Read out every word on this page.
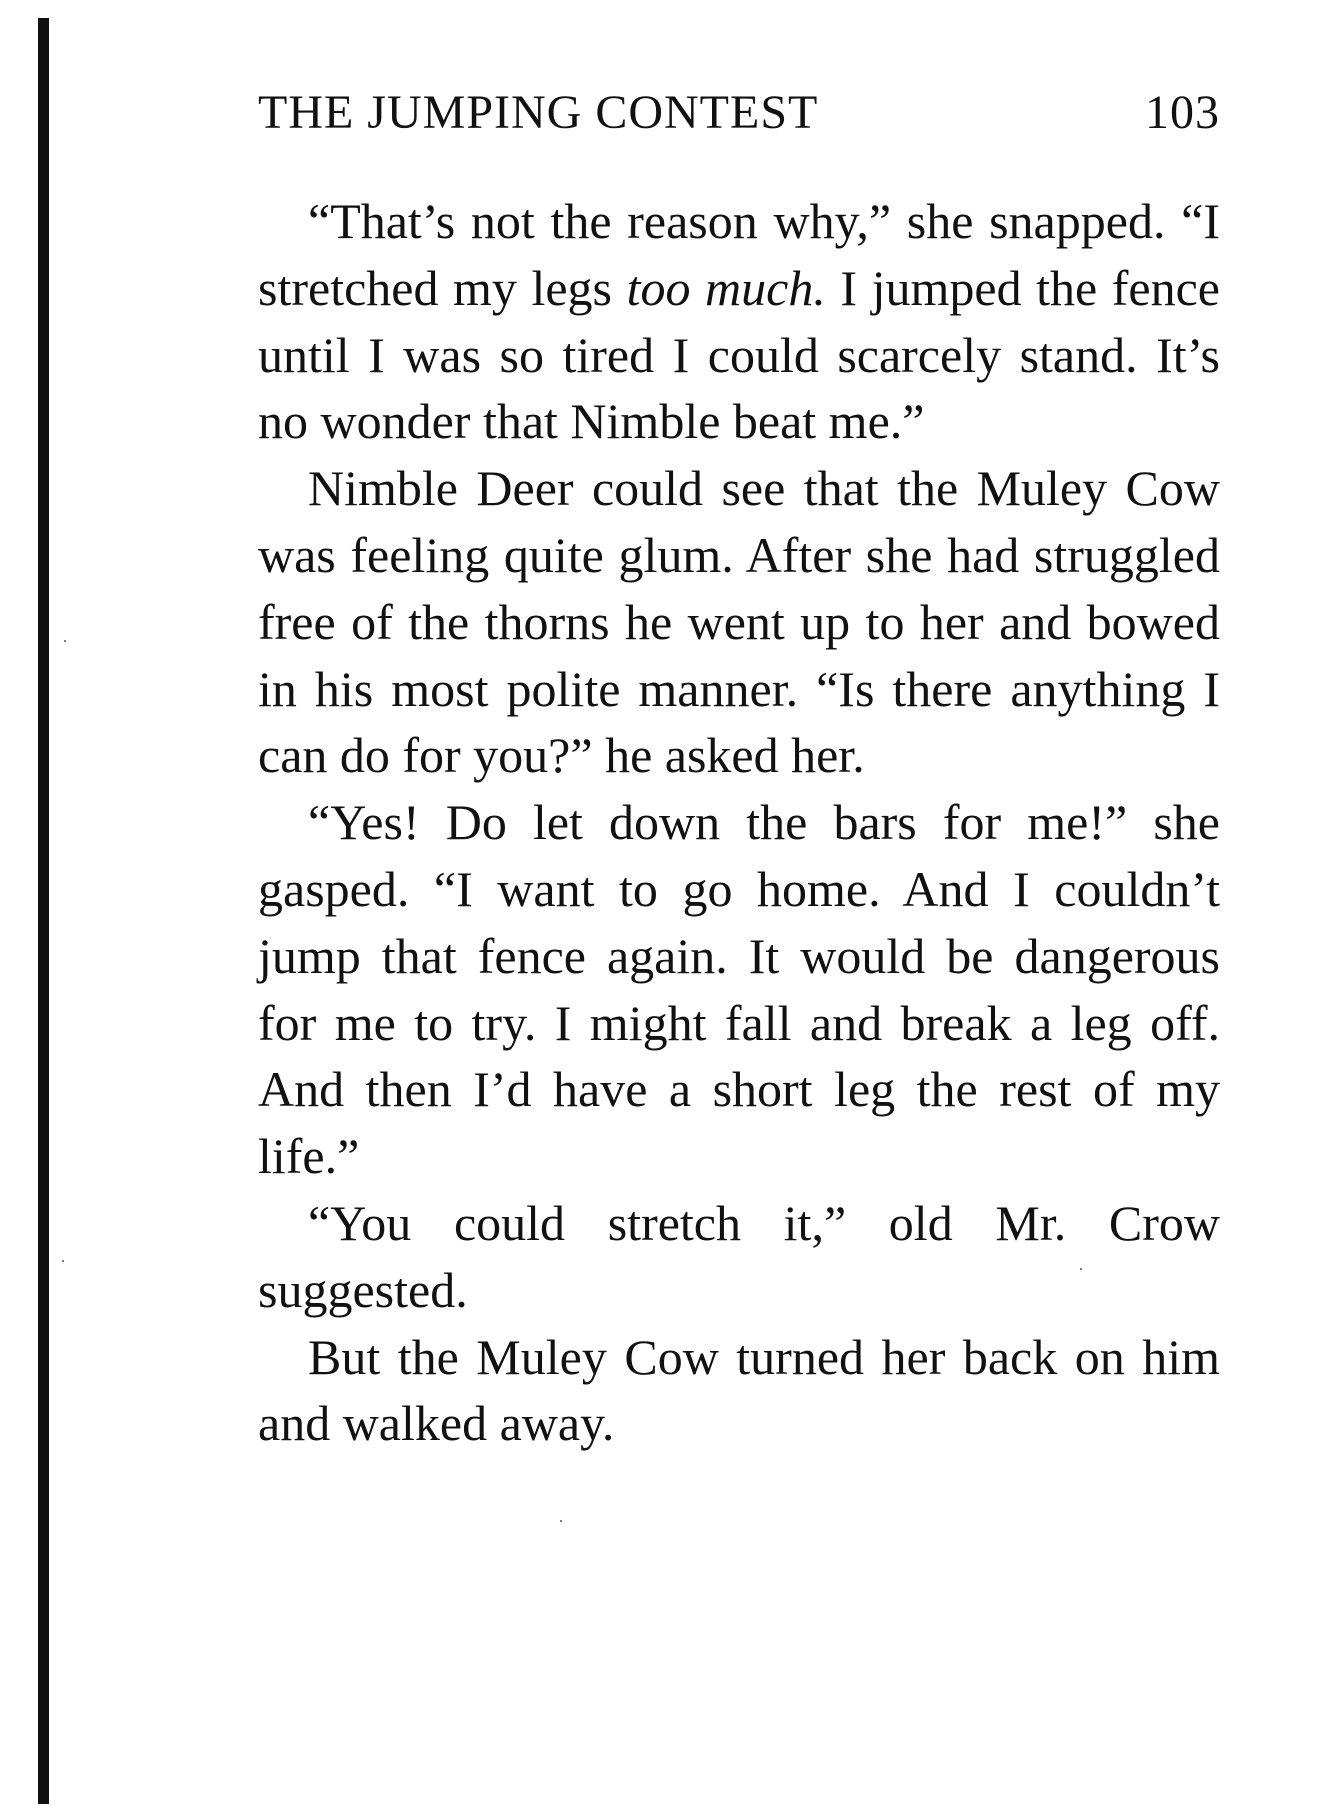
THE JUMPING CONTEST	103

“That’s not the reason why,” she snapped. “I stretched my legs too much. I jumped the fence until I was so tired I could scarcely stand. It’s no wonder that Nimble beat me.”

Nimble Deer could see that the Muley Cow was feeling quite glum. After she had struggled free of the thorns he went up to her and bowed in his most polite manner. “Is there anything I can do for you?” he asked her.

“Yes! Do let down the bars for me!” she gasped. “I want to go home. And I couldn’t jump that fence again. It would be dangerous for me to try. I might fall and break a leg off. And then I’d have a short leg the rest of my life.”

“You could stretch it,” old Mr. Crow suggested.

But the Muley Cow turned her back on him and walked away.
